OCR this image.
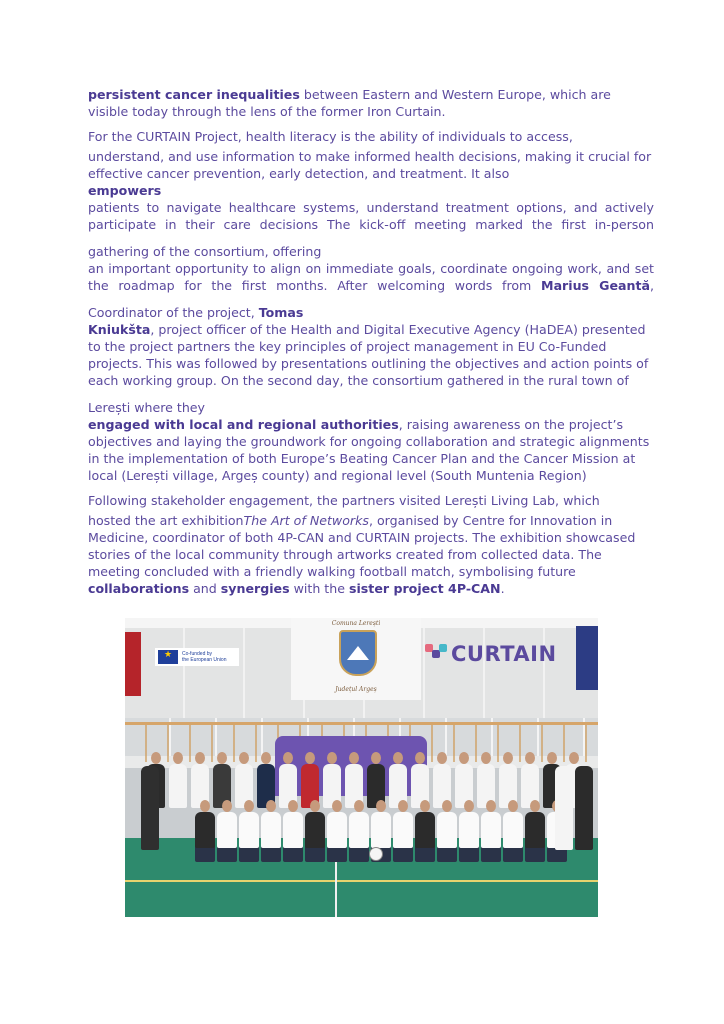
persistent cancer inequalities between Eastern and Western Europe, which are visible today through the lens of the former Iron Curtain.

For the CURTAIN Project, health literacy is the ability of individuals to access,

understand, and use information to make informed health decisions, making it crucial for effective cancer prevention, early detection, and treatment. It also
empowers

patients to navigate healthcare systems, understand treatment options, and actively participate in their care decisions The kick-off meeting marked the first in-person

gathering of the consortium, offering

an important opportunity to align on immediate goals, coordinate ongoing work, and set the roadmap for the first months. After welcoming words from Marius Geantă,

Coordinator of the project, Tomas

Kniukšta, project officer of the Health and Digital Executive Agency (HaDEA) presented to the project partners the key principles of project management in EU Co-Funded projects. This was followed by presentations outlining the objectives and action points of each working group. On the second day, the consortium gathered in the rural town of

Lerești where they

engaged with local and regional authorities, raising awareness on the project’s objectives and laying the groundwork for ongoing collaboration and strategic alignments in the implementation of both Europe’s Beating Cancer Plan and the Cancer Mission at local (Lerești village, Argeș county) and regional level (South Muntenia Region)

Following stakeholder engagement, the partners visited Lerești Living Lab, which
hosted the art exhibitionThe Art of Networks, organised by Centre for Innovation in Medicine, coordinator of both 4P-CAN and CURTAIN projects. The exhibition showcased stories of the local community through artworks created from collected data. The meeting concluded with a friendly walking football match, symbolising future collaborations and synergies with the sister project 4P-CAN.

★
Co-funded by
the European Union
Comuna Lerești
Județul Argeș
CURTAIN
